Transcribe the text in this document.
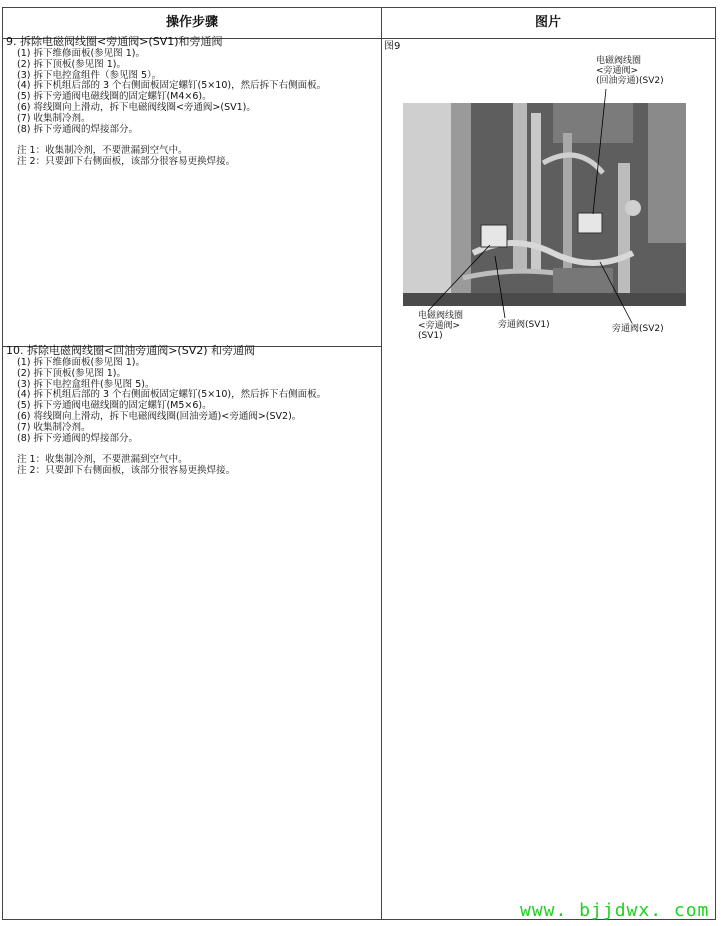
操作步骤	图片
9. 拆除电磁阀线圈<旁通阀>(SV1)和旁通阀
(1) 拆下维修面板(参见图 1)。
(2) 拆下顶板(参见图 1)。
(3) 拆下电控盒组件（参见图 5）。
(4) 拆下机组后部的 3 个右侧面板固定螺钉(5×10)，然后拆下右侧面板。
(5) 拆下旁通阀电磁线圈的固定螺钉(M4×6)。
(6) 将线圈向上滑动，拆下电磁阀线圈<旁通阀>(SV1)。
(7) 收集制冷剂。
(8) 拆下旁通阀的焊接部分。
注 1：收集制冷剂，不要泄漏到空气中。
注 2：只要卸下右侧面板，该部分很容易更换焊接。
10. 拆除电磁阀线圈<回油旁通阀>(SV2) 和旁通阀
(1) 拆下维修面板(参见图 1)。
(2) 拆下顶板(参见图 1)。
(3) 拆下电控盒组件(参见图 5)。
(4) 拆下机组后部的 3 个右侧面板固定螺钉(5×10)，然后拆下右侧面板。
(5) 拆下旁通阀电磁线圈的固定螺钉(M5×6)。
(6) 将线圈向上滑动，拆下电磁阀线圈(回油旁通)<旁通阀>(SV2)。
(7) 收集制冷剂。
(8) 拆下旁通阀的焊接部分。
注 1：收集制冷剂，不要泄漏到空气中。
注 2：只要卸下右侧面板，该部分很容易更换焊接。
图9
电磁阀线圈
<旁通阀>
(回油旁通)(SV2)
电磁阀线圈
<旁通阀>
(SV1)
旁通阀(SV1)	旁通阀(SV2)
www. bjjdwx. com
